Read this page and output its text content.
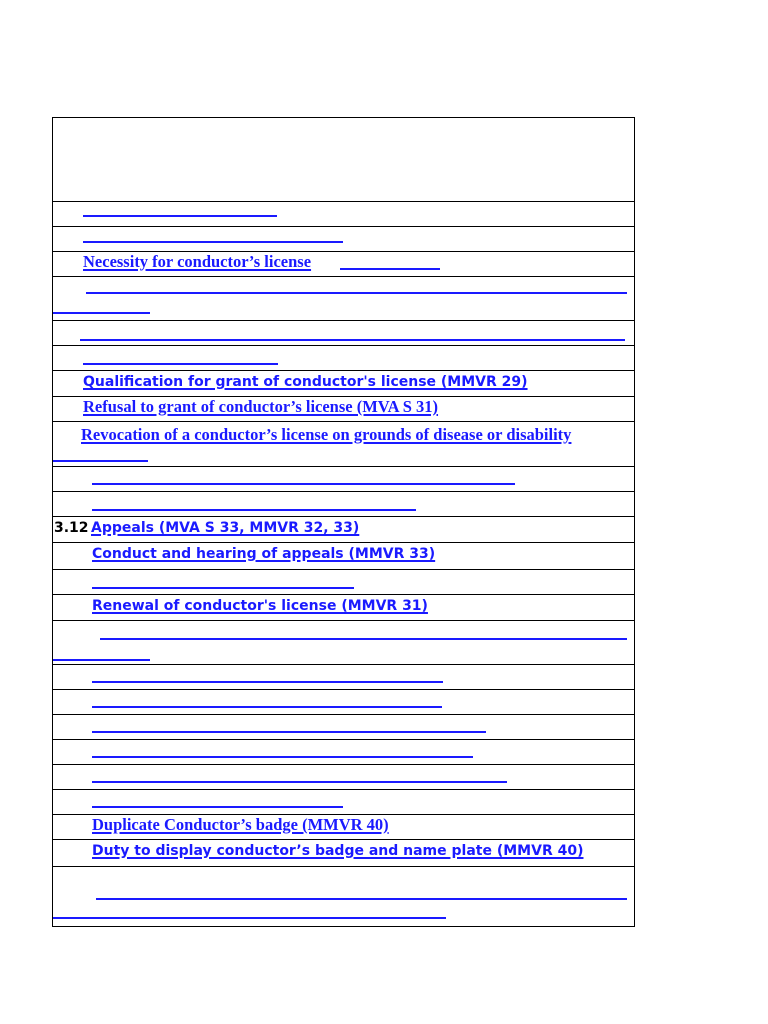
Necessity for conductor’s license
Qualification for grant of conductor's license (MMVR 29)
Refusal to grant of conductor’s license (MVA S 31)
Revocation of a conductor’s license on grounds of disease or disability
3.12 Appeals (MVA S 33, MMVR 32, 33)
Conduct and hearing of appeals (MMVR 33)
Renewal of conductor's license (MMVR 31)
Duplicate Conductor’s badge (MMVR 40)
Duty to display conductor’s badge and name plate (MMVR 40)
